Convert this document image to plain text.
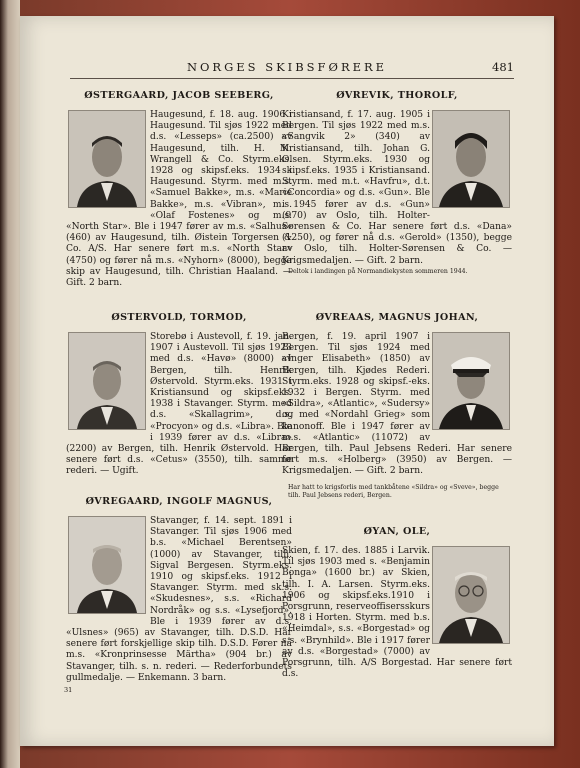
NORGES SKIBSFØRERE	481
ØSTERGAARD, JACOB SEEBERG,

Haugesund, f. 18. aug. 1906 i Haugesund. Til sjøs 1922 med d.s. «Lesseps» (ca.2500) av Haugesund, tilh. H. M. Wrangell & Co. Styrm.eks. 1928 og skipsf.eks. 1934 i Haugesund. Styrm. med m.s. «Samuel Bakke», m.s. «Marie Bakke», m.s. «Vibran», m.s. «Olaf Fostenes» og m.s. «North Star». Ble i 1947 fører av m.s. «Salhus» (460) av Haugesund, tilh. Øistein Torgersen & Co. A/S. Har senere ført m.s. «North Star» (4750) og fører nå m.s. «Nyhorn» (8000), begge skip av Haugesund, tilh. Christian Haaland. — Gift. 2 barn.

ØVREVIK, THOROLF,

Kristiansand, f. 17. aug. 1905 i Bergen. Til sjøs 1922 med m.s. «Sangvik 2» (340) av Kristiansand, tilh. Johan G. Olsen. Styrm.eks. 1930 og skipsf.eks. 1935 i Kristiansand. Styrm. med m.t. «Havfru», d.t. «Concordia» og d.s. «Gun». Ble i 1945 fører av d.s. «Gun» (970) av Oslo, tilh. Holter-Sørensen & Co. Har senere ført d.s. «Dana» (1250), og fører nå d.s. «Gerold» (1350), begge av Oslo, tilh. Holter-Sørensen & Co. — Krigsmedaljen. — Gift. 2 barn.

Deltok i landingen på Normandiekysten sommeren 1944.
ØSTERVOLD, TORMOD,

Storebø i Austevoll, f. 19. jan. 1907 i Austevoll. Til sjøs 1923 med d.s. «Havø» (8000) av Bergen, tilh. Henrik Østervold. Styrm.eks. 1931 i Kristiansund og skipsf.eks. 1938 i Stavanger. Styrm. med d.s. «Skallagrim», d.s. «Procyon» og d.s. «Libra». Ble i 1939 fører av d.s. «Libra» (2200) av Bergen, tilh. Henrik Østervold. Har senere ført d.s. «Cetus» (3550), tilh. samme rederi. — Ugift.

ØVREAAS, MAGNUS JOHAN,

Bergen, f. 19. april 1907 i Bergen. Til sjøs 1924 med «Inger Elisabeth» (1850) av Bergen, tilh. Kjødes Rederi. Styrm.eks. 1928 og skipsf.-eks. 1932 i Bergen. Styrm. med «Sildra», «Atlantic», «Sudersy» og med «Nordahl Grieg» som kanonoff. Ble i 1947 fører av m.s. «Atlantic» (11072) av Bergen, tilh. Paul Jebsens Rederi. Har senere ført m.s. «Holberg» (3950) av Bergen. — Krigsmedaljen. — Gift. 2 barn.

Har hatt to krigsforlis med tankbåtene «Sildra» og «Sveve», begge tilh. Paul Jebsens rederi, Bergen.
ØVREGAARD, INGOLF MAGNUS,

Stavanger, f. 14. sept. 1891 i Stavanger. Til sjøs 1906 med b.s. «Michael Berentsen» (1000) av Stavanger, tilh. Sigval Bergesen. Styrm.eks. 1910 og skipsf.eks. 1912 i Stavanger. Styrm. med sk.s. «Skudesnes», s.s. «Richard Nordråk» og s.s. «Lysefjord». Ble i 1939 fører av d.s. «Ulsnes» (965) av Stavanger, tilh. D.S.D. Har senere ført forskjellige skip tilh. D.S.D. Fører nå m.s. «Kronprinsesse Märtha» (904 br.) av Stavanger, tilh. s. n. rederi. — Rederforbundets gullmedalje. — Enkemann. 3 barn.

ØYAN, OLE,

Skien, f. 17. des. 1885 i Larvik. Til sjøs 1903 med s. «Benjamin Bonga» (1600 br.) av Skien, tilh. I. A. Larsen. Styrm.eks. 1906 og skipsf.eks.1910 i Porsgrunn, reserveoffisersskurs 1918 i Horten. Styrm. med b.s. «Heimdal», s.s. «Borgestad» og s.s. «Brynhild». Ble i 1917 fører av d.s. «Borgestad» (7000) av Porsgrunn, tilh. A/S Borgestad. Har senere ført d.s.

31
